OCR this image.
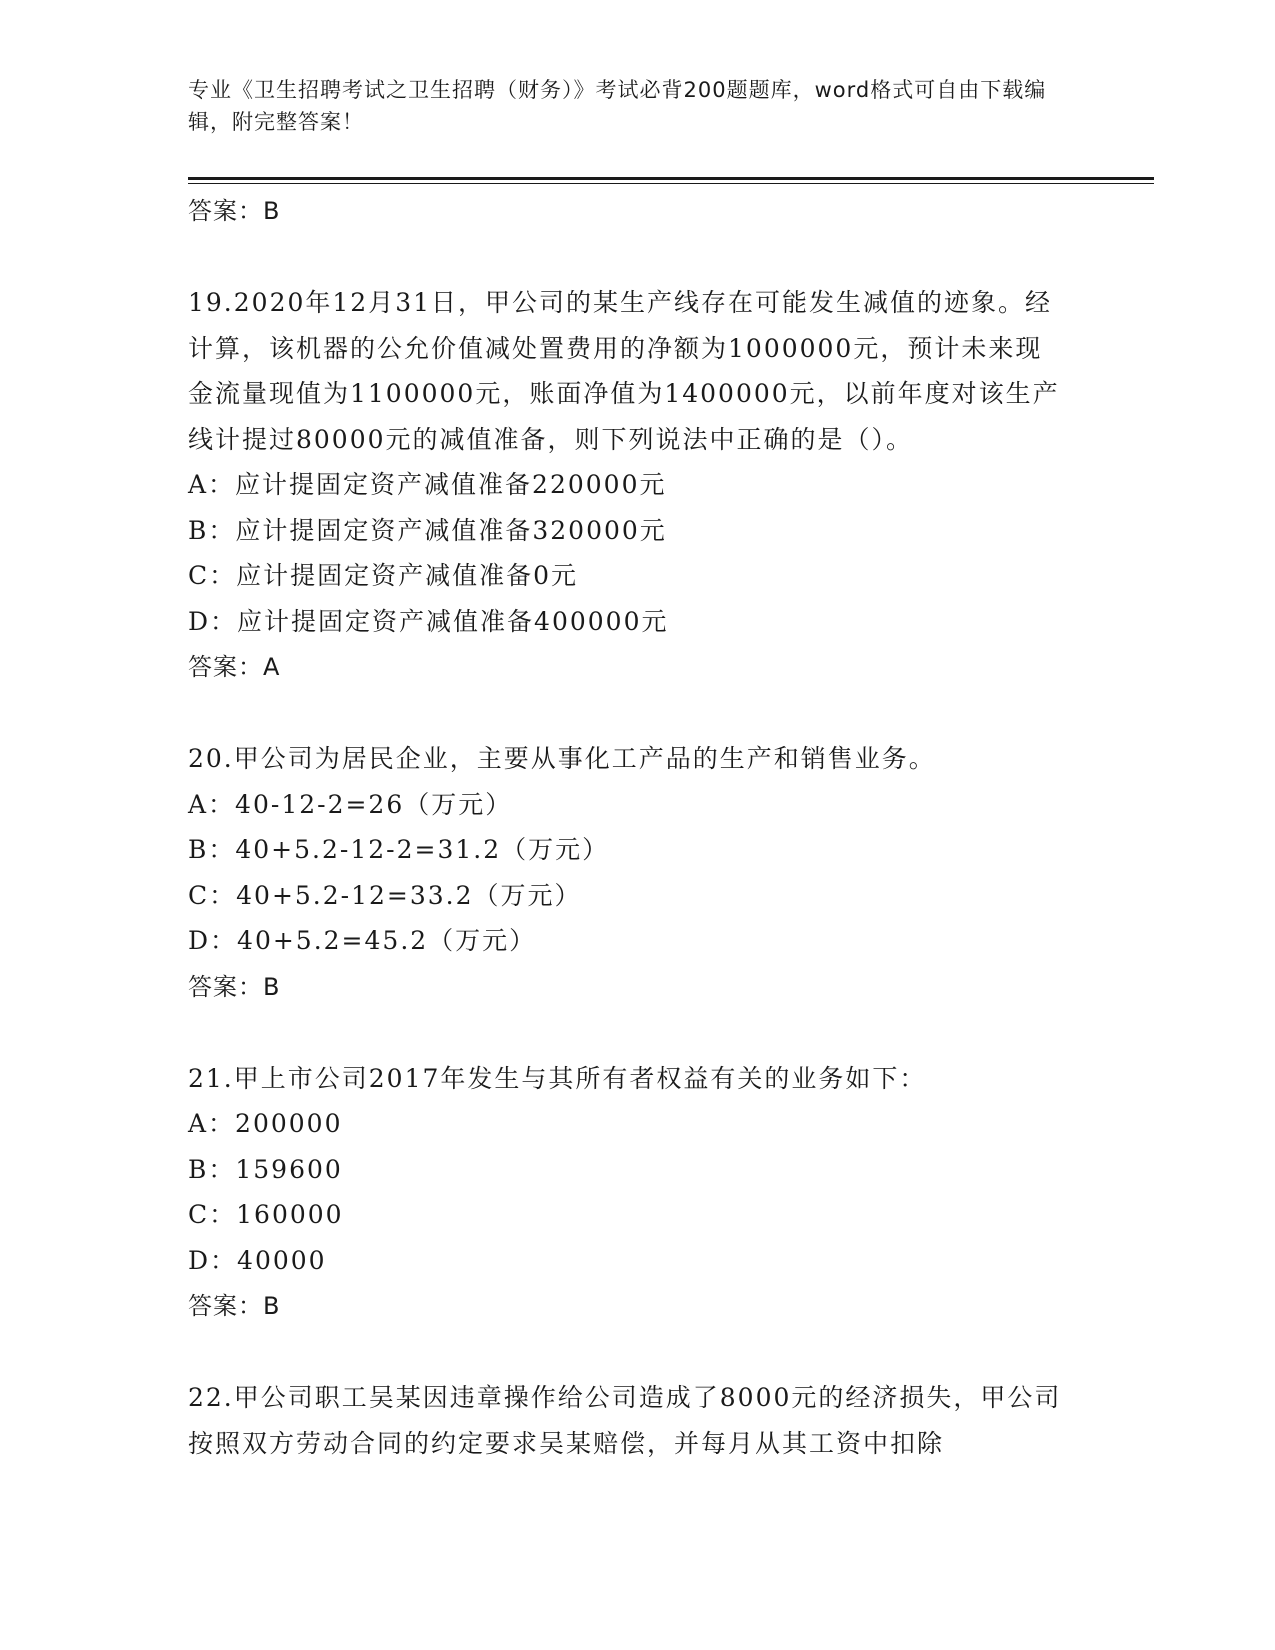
专业《卫生招聘考试之卫生招聘（财务）》考试必背200题题库，word格式可自由下载编辑，附完整答案！
答案：B

19.2020年12月31日，甲公司的某生产线存在可能发生减值的迹象。经计算，该机器的公允价值减处置费用的净额为1000000元，预计未来现金流量现值为1100000元，账面净值为1400000元，以前年度对该生产线计提过80000元的减值准备，则下列说法中正确的是（）。

A：应计提固定资产减值准备220000元
B：应计提固定资产减值准备320000元
C：应计提固定资产减值准备0元
D：应计提固定资产减值准备400000元
答案：A

20.甲公司为居民企业，主要从事化工产品的生产和销售业务。

A：40-12-2=26（万元）
B：40+5.2-12-2=31.2（万元）
C：40+5.2-12=33.2（万元）
D：40+5.2=45.2（万元）
答案：B

21.甲上市公司2017年发生与其所有者权益有关的业务如下：

A：200000
B：159600
C：160000
D：40000
答案：B

22.甲公司职工吴某因违章操作给公司造成了8000元的经济损失，甲公司按照双方劳动合同的约定要求吴某赔偿，并每月从其工资中扣除
